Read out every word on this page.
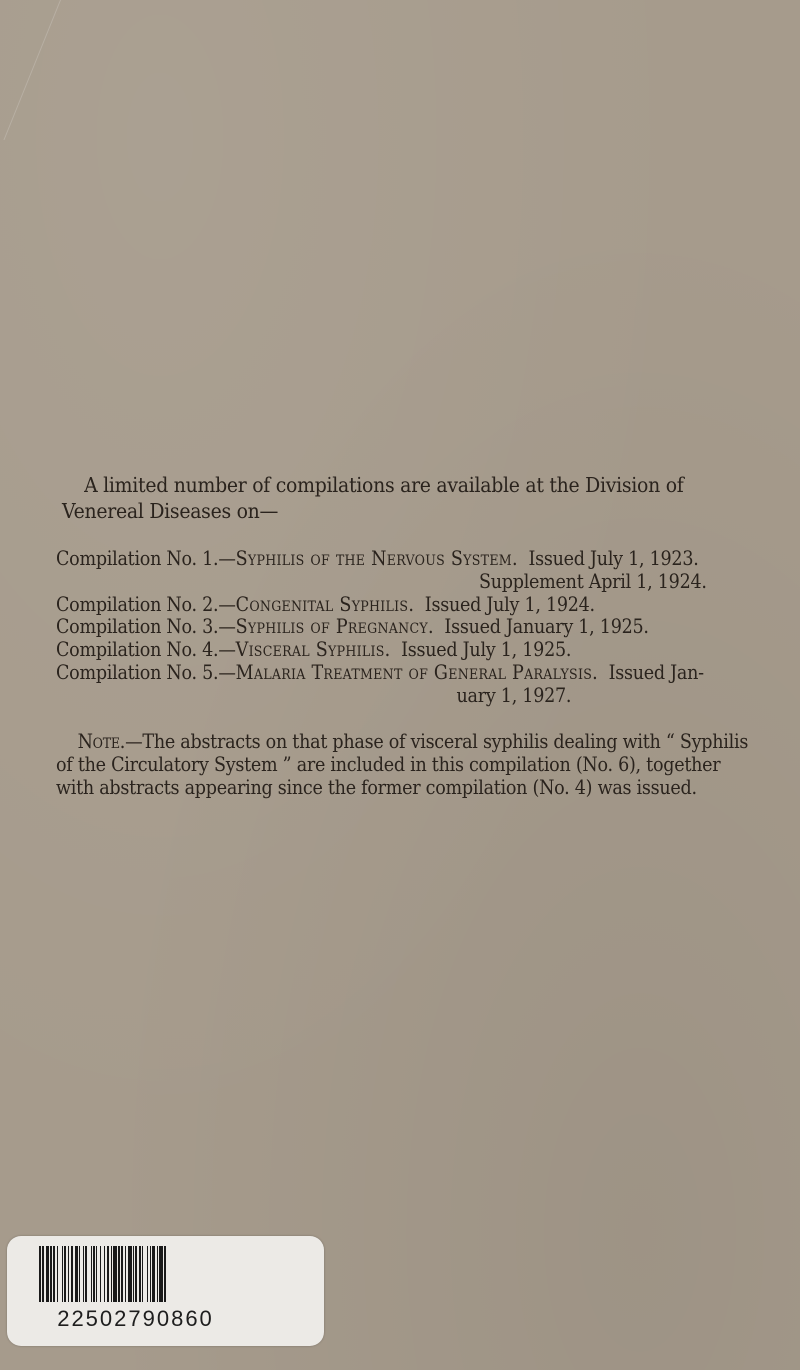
A limited number of compilations are available at the Division of
Venereal Diseases on—
Compilation No. 1.—Syphilis of the Nervous System. Issued July 1, 1923.
Supplement April 1, 1924.
Compilation No. 2.—Congenital Syphilis. Issued July 1, 1924.
Compilation No. 3.—Syphilis of Pregnancy. Issued January 1, 1925.
Compilation No. 4.—Visceral Syphilis. Issued July 1, 1925.
Compilation No. 5.—Malaria Treatment of General Paralysis. Issued Jan-
uary 1, 1927.
Note.—The abstracts on that phase of visceral syphilis dealing with “ Syphilis
of the Circulatory System ” are included in this compilation (No. 6), together
with abstracts appearing since the former compilation (No. 4) was issued.
22502790860
